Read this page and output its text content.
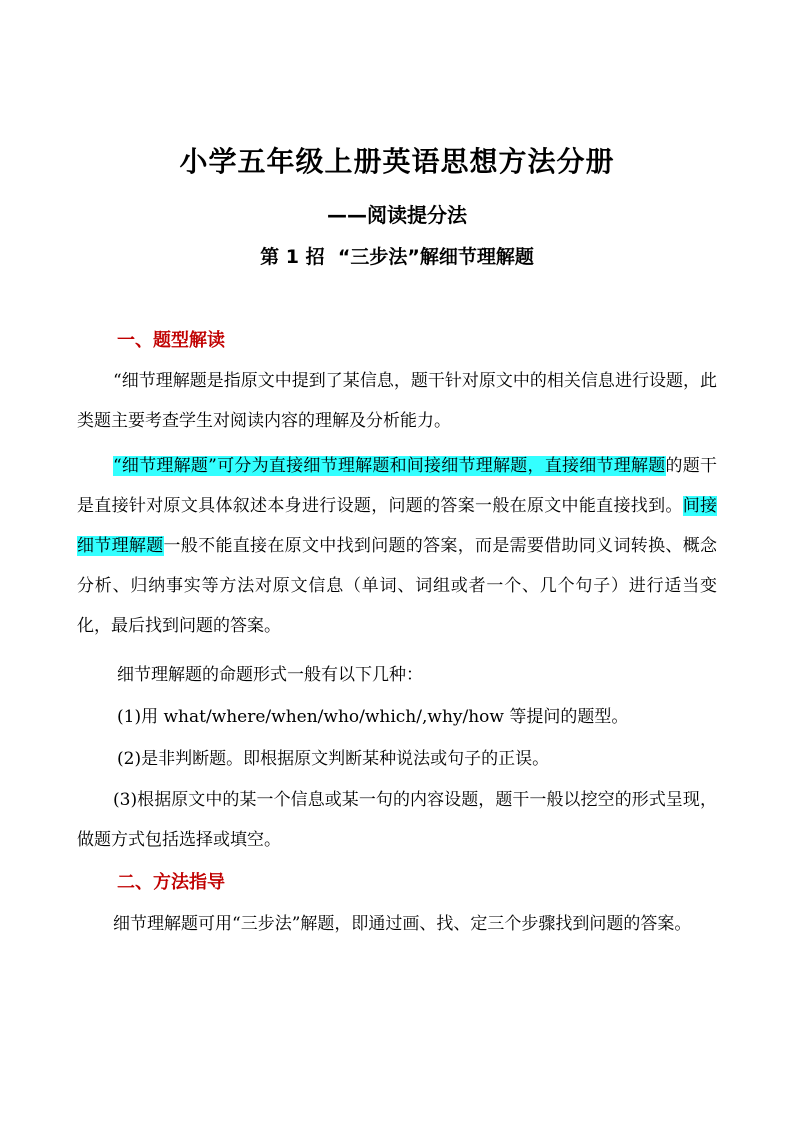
小学五年级上册英语思想方法分册
——阅读提分法
第 1 招  “三步法”解细节理解题
一、题型解读
“细节理解题是指原文中提到了某信息，题干针对原文中的相关信息进行设题，此类题主要考查学生对阅读内容的理解及分析能力。
“细节理解题”可分为直接细节理解题和间接细节理解题，直接细节理解题的题干是直接针对原文具体叙述本身进行设题，问题的答案一般在原文中能直接找到。间接细节理解题一般不能直接在原文中找到问题的答案，而是需要借助同义词转换、概念分析、归纳事实等方法对原文信息（单词、词组或者一个、几个句子）进行适当变化，最后找到问题的答案。
细节理解题的命题形式一般有以下几种：
(1)用 what/where/when/who/which/,why/how 等提问的题型。
(2)是非判断题。即根据原文判断某种说法或句子的正误。
(3)根据原文中的某一个信息或某一句的内容设题，题干一般以挖空的形式呈现，做题方式包括选择或填空。
二、方法指导
细节理解题可用“三步法”解题，即通过画、找、定三个步骤找到问题的答案。
